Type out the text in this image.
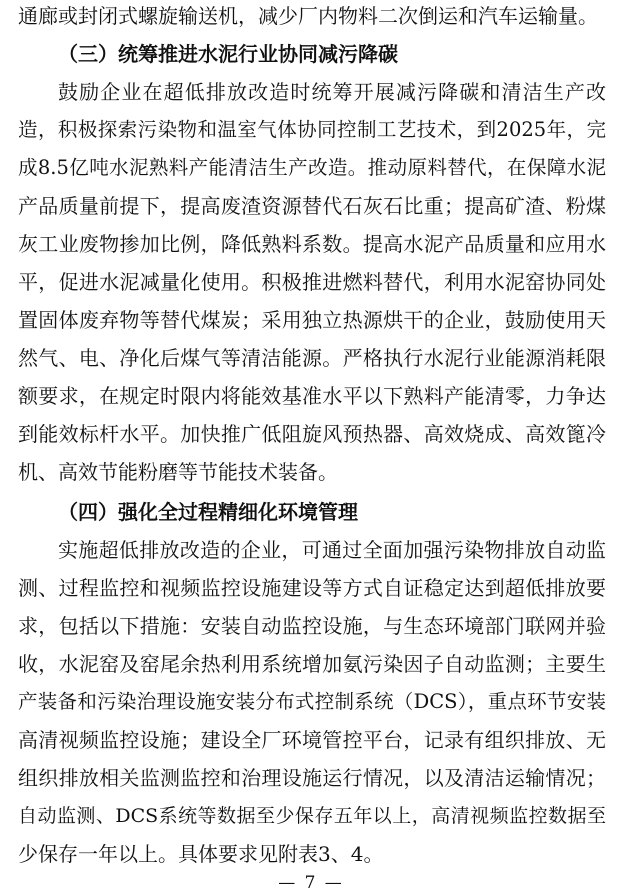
通廊或封闭式螺旋输送机，减少厂内物料二次倒运和汽车运输量。
（三）统筹推进水泥行业协同减污降碳
鼓励企业在超低排放改造时统筹开展减污降碳和清洁生产改
造，积极探索污染物和温室气体协同控制工艺技术，到2025年，完
成8.5亿吨水泥熟料产能清洁生产改造。推动原料替代，在保障水泥
产品质量前提下，提高废渣资源替代石灰石比重；提高矿渣、粉煤
灰工业废物掺加比例，降低熟料系数。提高水泥产品质量和应用水
平，促进水泥减量化使用。积极推进燃料替代，利用水泥窑协同处
置固体废弃物等替代煤炭；采用独立热源烘干的企业，鼓励使用天
然气、电、净化后煤气等清洁能源。严格执行水泥行业能源消耗限
额要求，在规定时限内将能效基准水平以下熟料产能清零，力争达
到能效标杆水平。加快推广低阻旋风预热器、高效烧成、高效篦冷
机、高效节能粉磨等节能技术装备。
（四）强化全过程精细化环境管理
实施超低排放改造的企业，可通过全面加强污染物排放自动监
测、过程监控和视频监控设施建设等方式自证稳定达到超低排放要
求，包括以下措施：安装自动监控设施，与生态环境部门联网并验
收，水泥窑及窑尾余热利用系统增加氨污染因子自动监测；主要生
产装备和污染治理设施安装分布式控制系统（DCS），重点环节安装
高清视频监控设施；建设全厂环境管控平台，记录有组织排放、无
组织排放相关监测监控和治理设施运行情况，以及清洁运输情况；
自动监测、DCS系统等数据至少保存五年以上，高清视频监控数据至
少保存一年以上。具体要求见附表3、4。
— 7 —
